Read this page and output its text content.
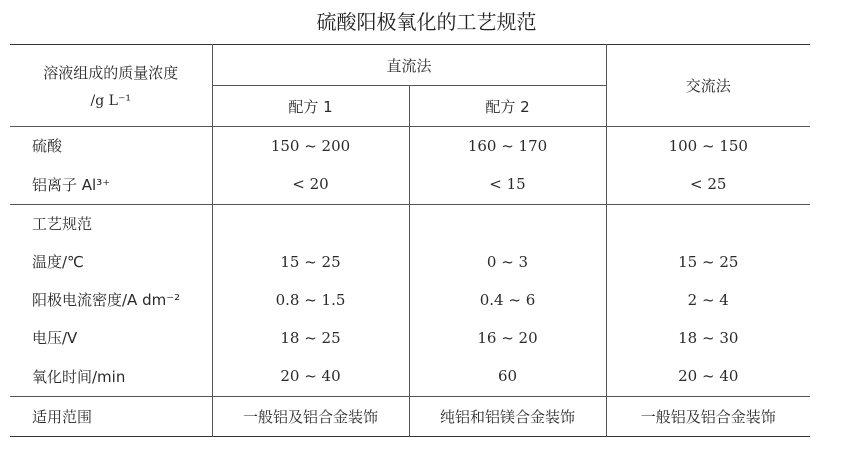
硫酸阳极氧化的工艺规范
溶液组成的质量浓度
/g L⁻¹	直流法		交流法
	配方 1	配方 2	
硫酸	150 ~ 200	160 ~ 170	100 ~ 150
铝离子 Al³⁺	< 20	< 15	< 25
工艺规范			
温度/℃	15 ~ 25	0 ~ 3	15 ~ 25
阳极电流密度/A dm⁻²	0.8 ~ 1.5	0.4 ~ 6	2 ~ 4
电压/V	18 ~ 25	16 ~ 20	18 ~ 30
氧化时间/min	20 ~ 40	60	20 ~ 40
适用范围	一般铝及铝合金装饰	纯铝和铝镁合金装饰	一般铝及铝合金装饰
